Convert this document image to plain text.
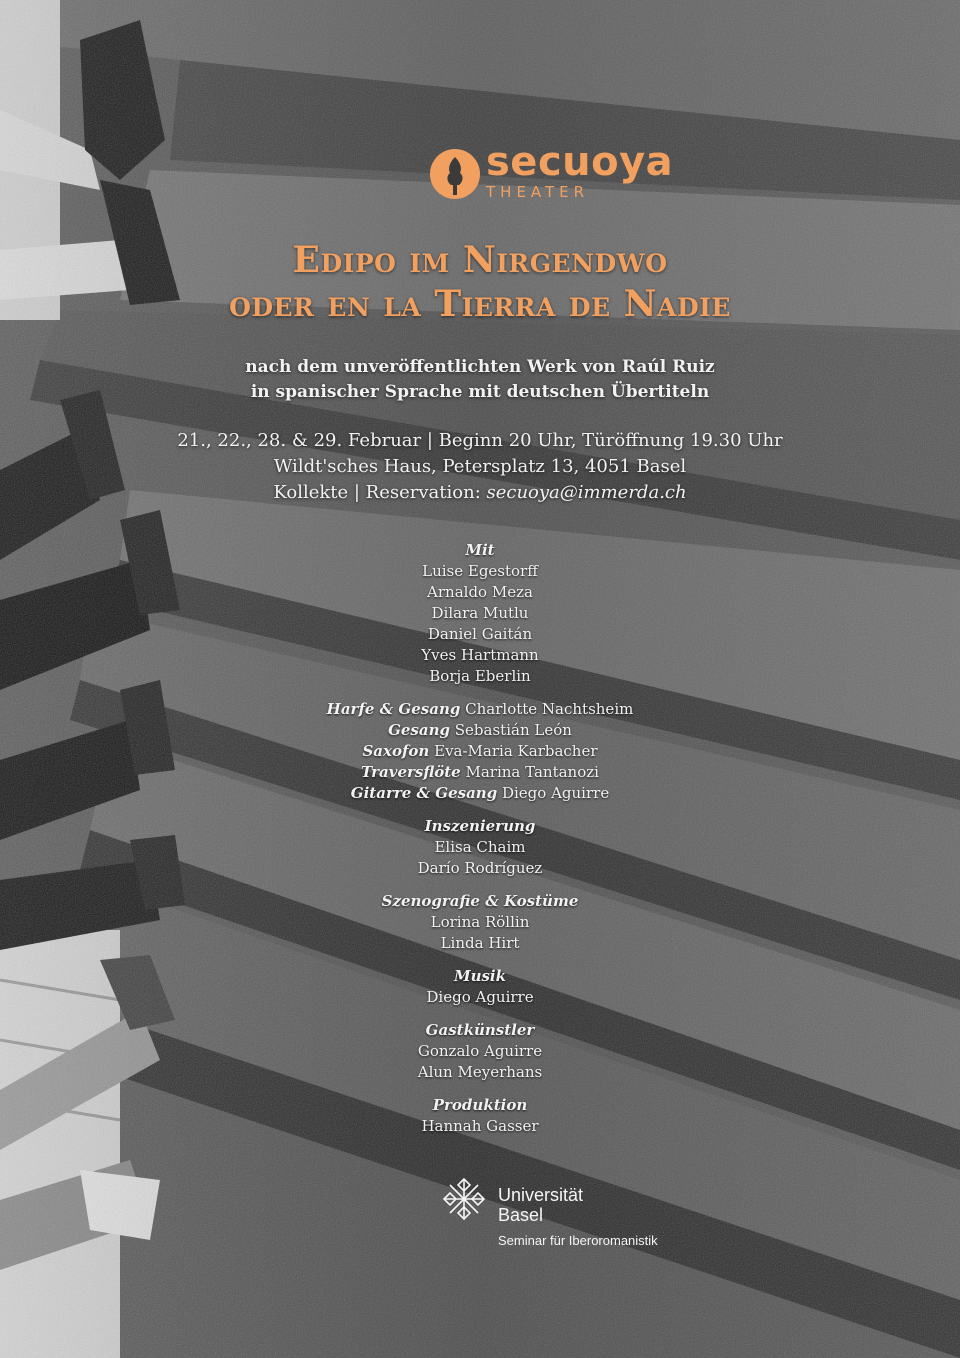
secuoya
THEATER
Edipo im Nirgendwo
oder en la Tierra de Nadie
nach dem unveröffentlichten Werk von Raúl Ruiz
in spanischer Sprache mit deutschen Übertiteln
21., 22., 28. & 29. Februar | Beginn 20 Uhr, Türöffnung 19.30 Uhr
Wildt'sches Haus, Petersplatz 13, 4051 Basel
Kollekte | Reservation: secuoya@immerda.ch
Mit
Luise Egestorff
Arnaldo Meza
Dilara Mutlu
Daniel Gaitán
Yves Hartmann
Borja Eberlin
Harfe & Gesang Charlotte Nachtsheim
Gesang Sebastián León
Saxofon Eva-Maria Karbacher
Traversflöte Marina Tantanozi
Gitarre & Gesang Diego Aguirre
Inszenierung
Elisa Chaim
Darío Rodríguez
Szenografie & Kostüme
Lorina Röllin
Linda Hirt
Musik
Diego Aguirre
Gastkünstler
Gonzalo Aguirre
Alun Meyerhans
Produktion
Hannah Gasser
Universität
Basel
Seminar für Iberoromanistik
